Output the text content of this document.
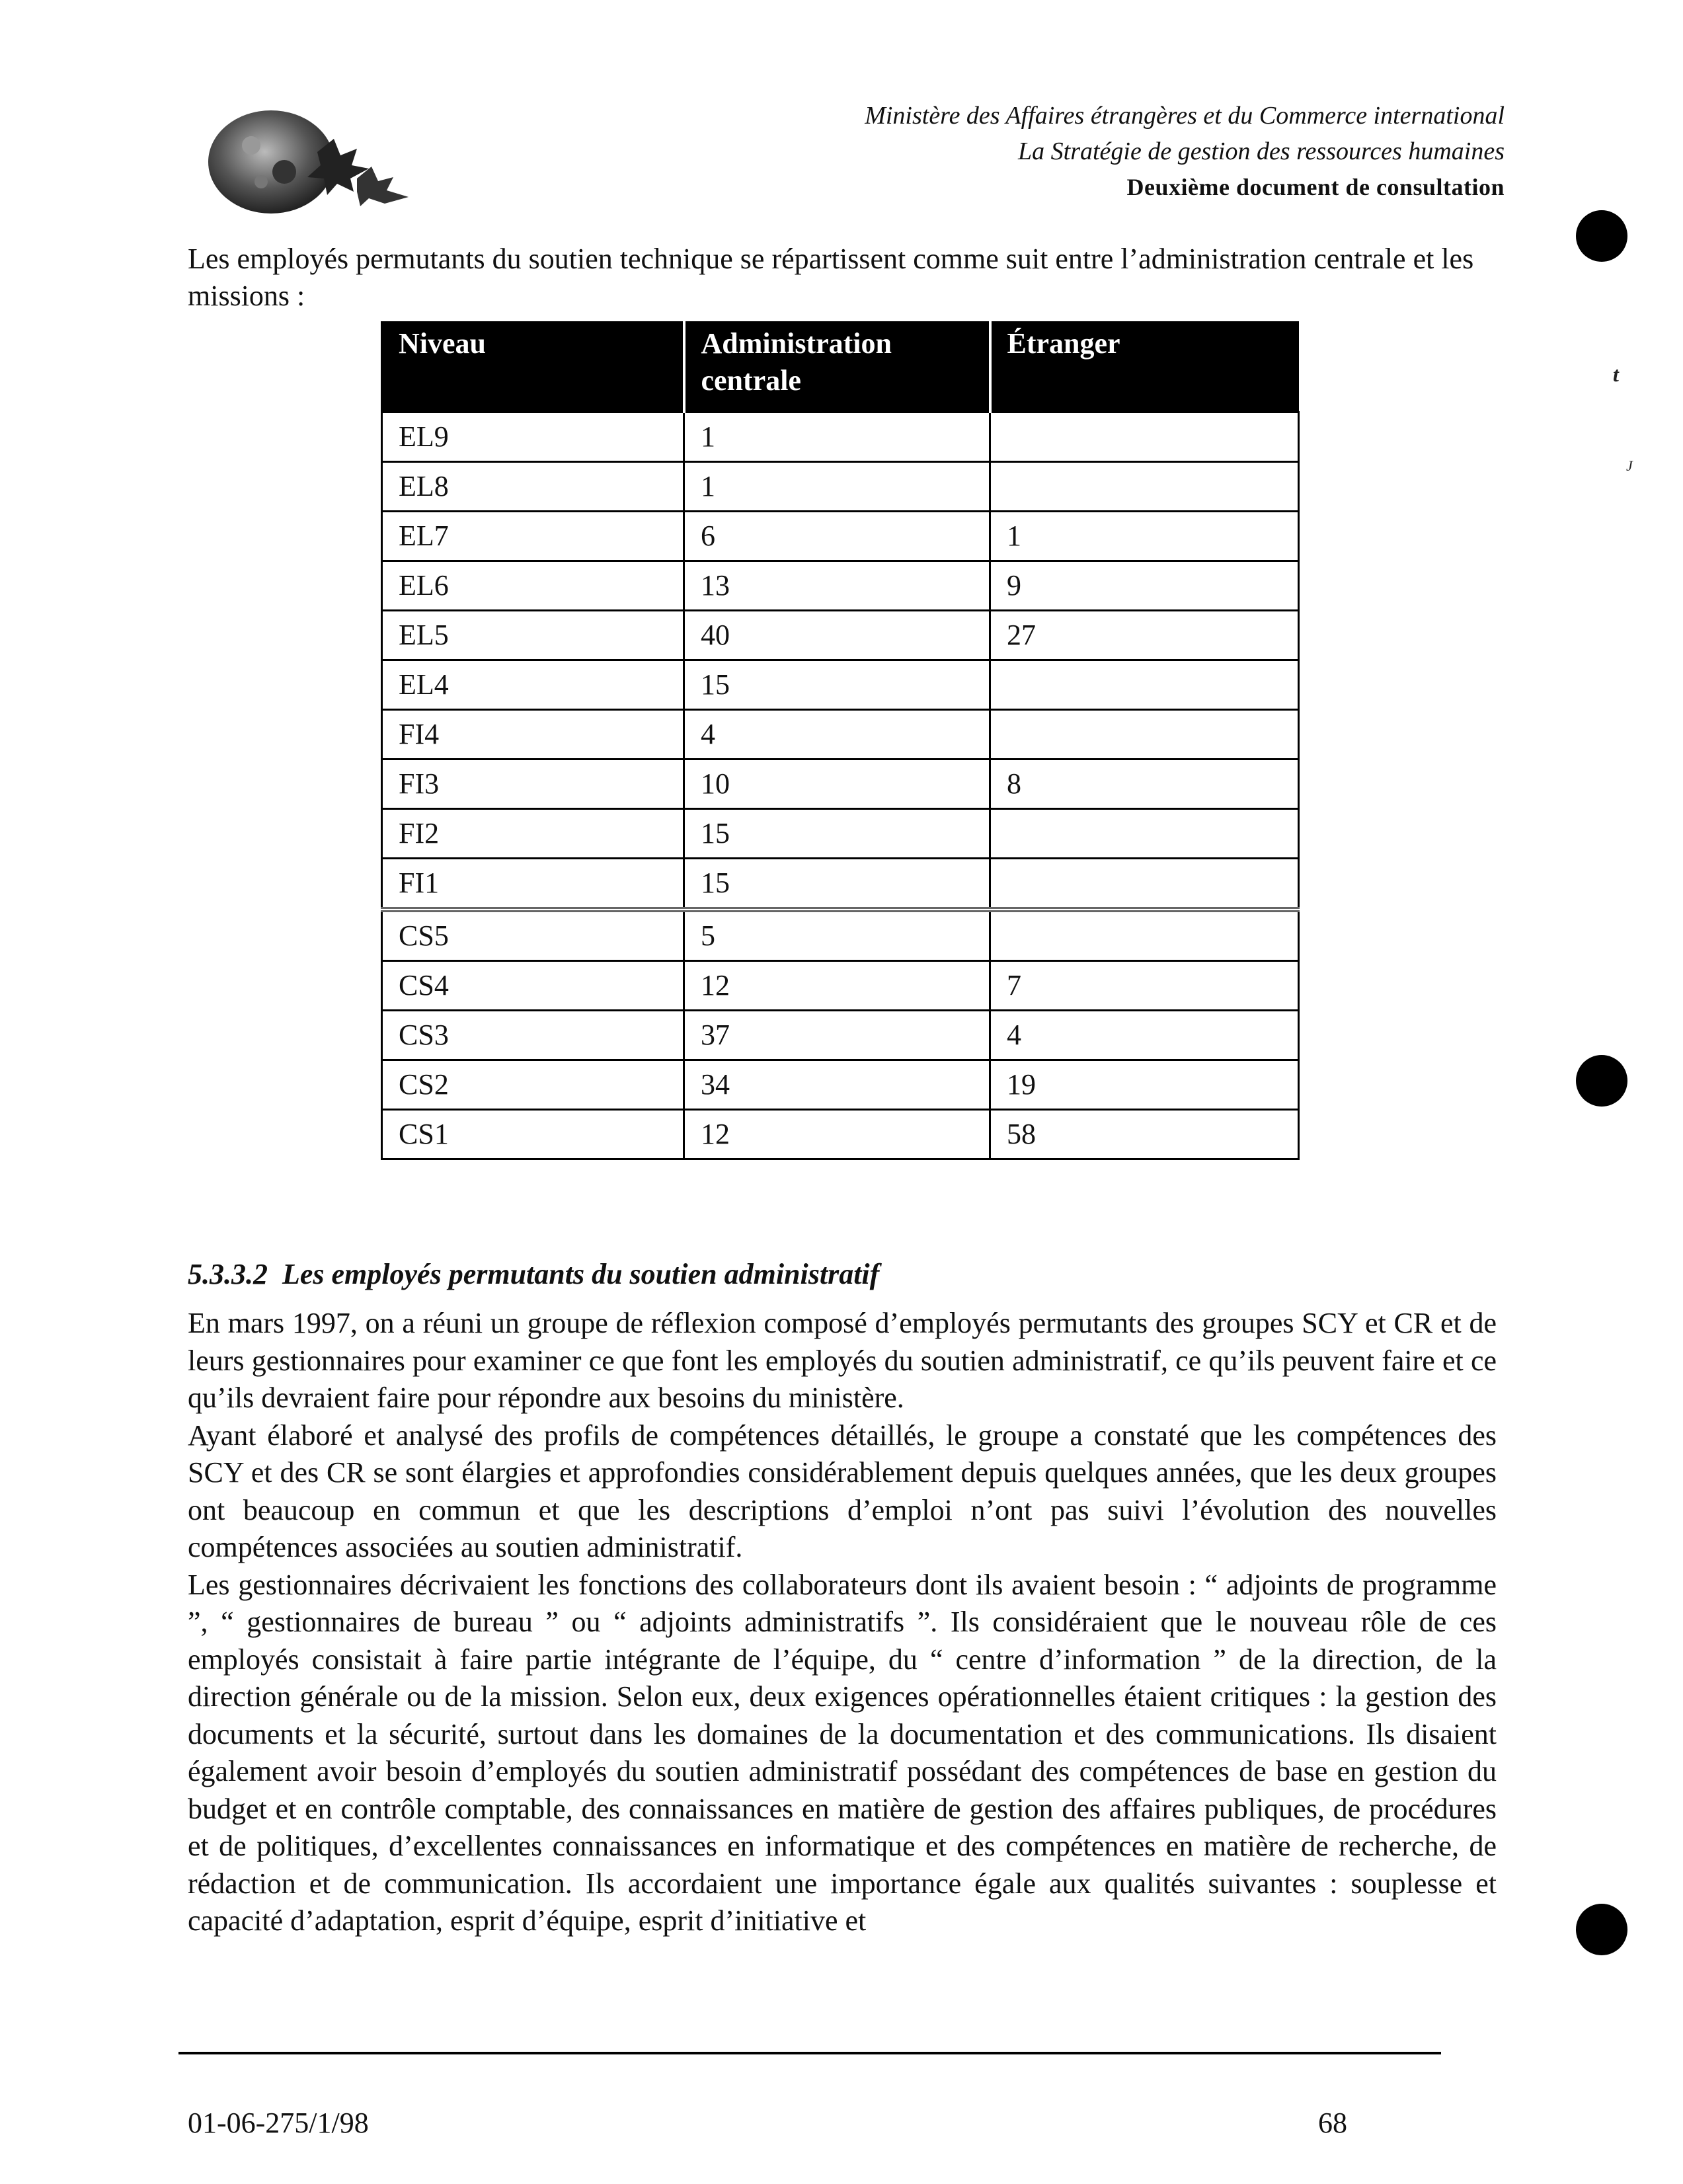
Ministère des Affaires étrangères et du Commerce international
La Stratégie de gestion des ressources humaines
Deuxième document de consultation
t
J
Les employés permutants du soutien technique se répartissent comme suit entre l’administration centrale et les missions :
Niveau	Administration centrale	Étranger
EL9	1	
EL8	1	
EL7	6	1
EL6	13	9
EL5	40	27
EL4	15	
FI4	4	
FI3	10	8
FI2	15	
FI1	15	
CS5	5	
CS4	12	7
CS3	37	4
CS2	34	19
CS1	12	58
5.3.3.2 Les employés permutants du soutien administratif

En mars 1997, on a réuni un groupe de réflexion composé d’employés permutants des groupes SCY et CR et de leurs gestionnaires pour examiner ce que font les employés du soutien administratif, ce qu’ils peuvent faire et ce qu’ils devraient faire pour répondre aux besoins du ministère.

Ayant élaboré et analysé des profils de compétences détaillés, le groupe a constaté que les compétences des SCY et des CR se sont élargies et approfondies considérablement depuis quelques années, que les deux groupes ont beaucoup en commun et que les descriptions d’emploi n’ont pas suivi l’évolution des nouvelles compétences associées au soutien administratif.

Les gestionnaires décrivaient les fonctions des collaborateurs dont ils avaient besoin : “ adjoints de programme ”, “ gestionnaires de bureau ” ou “ adjoints administratifs ”. Ils considéraient que le nouveau rôle de ces employés consistait à faire partie intégrante de l’équipe, du “ centre d’information ” de la direction, de la direction générale ou de la mission. Selon eux, deux exigences opérationnelles étaient critiques : la gestion des documents et la sécurité, surtout dans les domaines de la documentation et des communications. Ils disaient également avoir besoin d’employés du soutien administratif possédant des compétences de base en gestion du budget et en contrôle comptable, des connaissances en matière de gestion des affaires publiques, de procédures et de politiques, d’excellentes connaissances en informatique et des compétences en matière de recherche, de rédaction et de communication. Ils accordaient une importance égale aux qualités suivantes : souplesse et capacité d’adaptation, esprit d’équipe, esprit d’initiative et

01-06-275/1/98	68
